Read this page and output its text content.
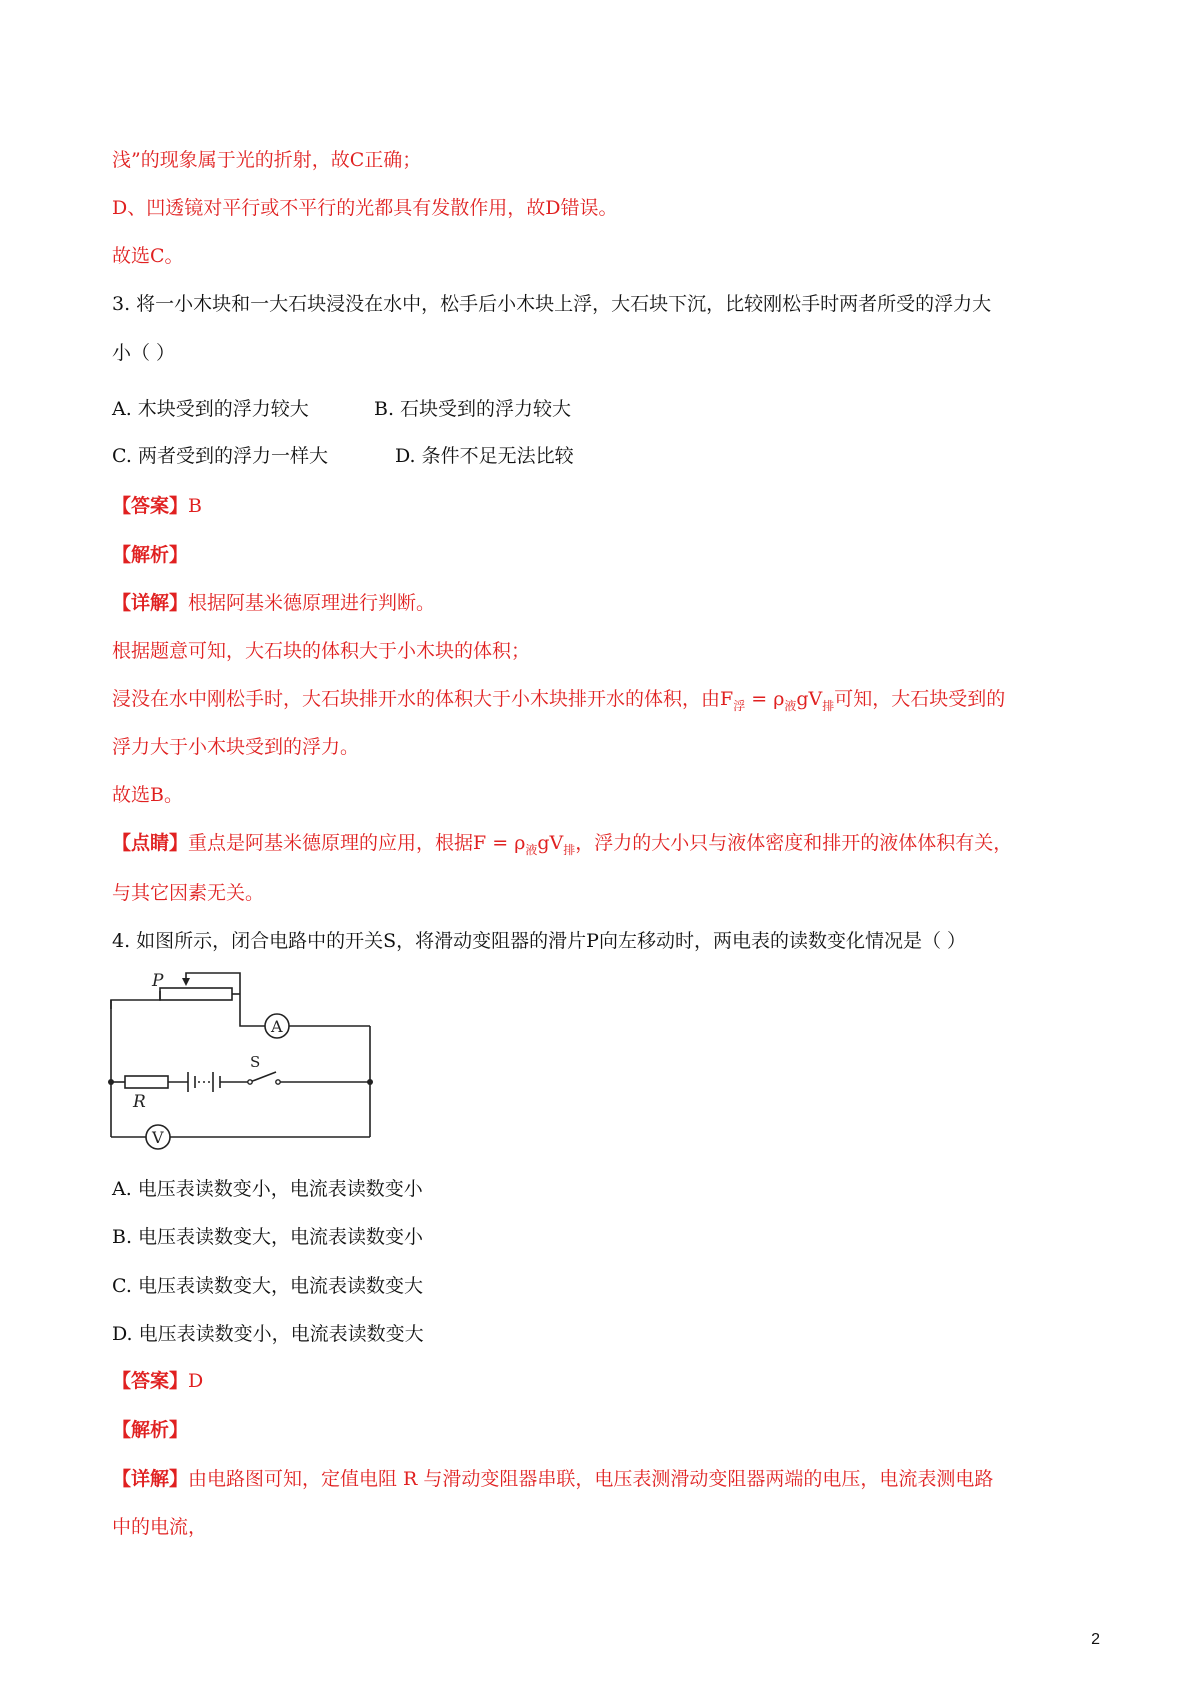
浅”的现象属于光的折射，故C正确；
D、凹透镜对平行或不平行的光都具有发散作用，故D错误。
故选C。
3. 将一小木块和一大石块浸没在水中，松手后小木块上浮，大石块下沉，比较刚松手时两者所受的浮力大
小（ ）
A. 木块受到的浮力较大	B. 石块受到的浮力较大
C. 两者受到的浮力一样大	D. 条件不足无法比较
【答案】B
【解析】
【详解】根据阿基米德原理进行判断。
根据题意可知，大石块的体积大于小木块的体积；
浸没在水中刚松手时，大石块排开水的体积大于小木块排开水的体积，由$F_浮 = \rho_液gV_排$可知，大石块受到的
浮力大于小木块受到的浮力。
故选B。
【点睛】重点是阿基米德原理的应用，根据$F = \rho_液gV_排$，浮力的大小只与液体密度和排开的液体体积有关，
与其它因素无关。
4. 如图所示，闭合电路中的开关S，将滑动变阻器的滑片P向左移动时，两电表的读数变化情况是（ ）
A
V
P
S
R
A. 电压表读数变小，电流表读数变小
B. 电压表读数变大，电流表读数变小
C. 电压表读数变大，电流表读数变大
D. 电压表读数变小，电流表读数变大
【答案】D
【解析】
【详解】由电路图可知，定值电阻 R 与滑动变阻器串联，电压表测滑动变阻器两端的电压，电流表测电路
中的电流，
2
